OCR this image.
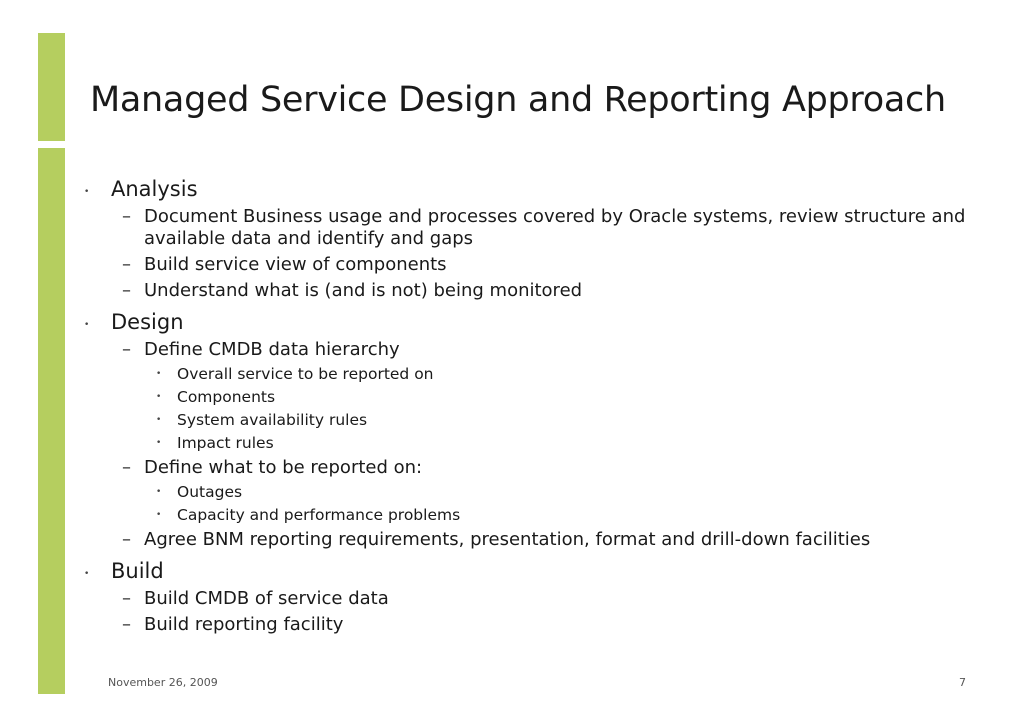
Managed Service Design and Reporting Approach
• Analysis
– Document Business usage and processes covered by Oracle systems, review structure and available data and identify and gaps
– Build service view of components
– Understand what is (and is not) being monitored
• Design
– Define CMDB data hierarchy
• Overall service to be reported on
• Components
• System availability rules
• Impact rules
– Define what to be reported on:
• Outages
• Capacity and performance problems
– Agree BNM reporting requirements, presentation, format and drill-down facilities
• Build
– Build CMDB of service data
– Build reporting facility
November 26, 2009	7
